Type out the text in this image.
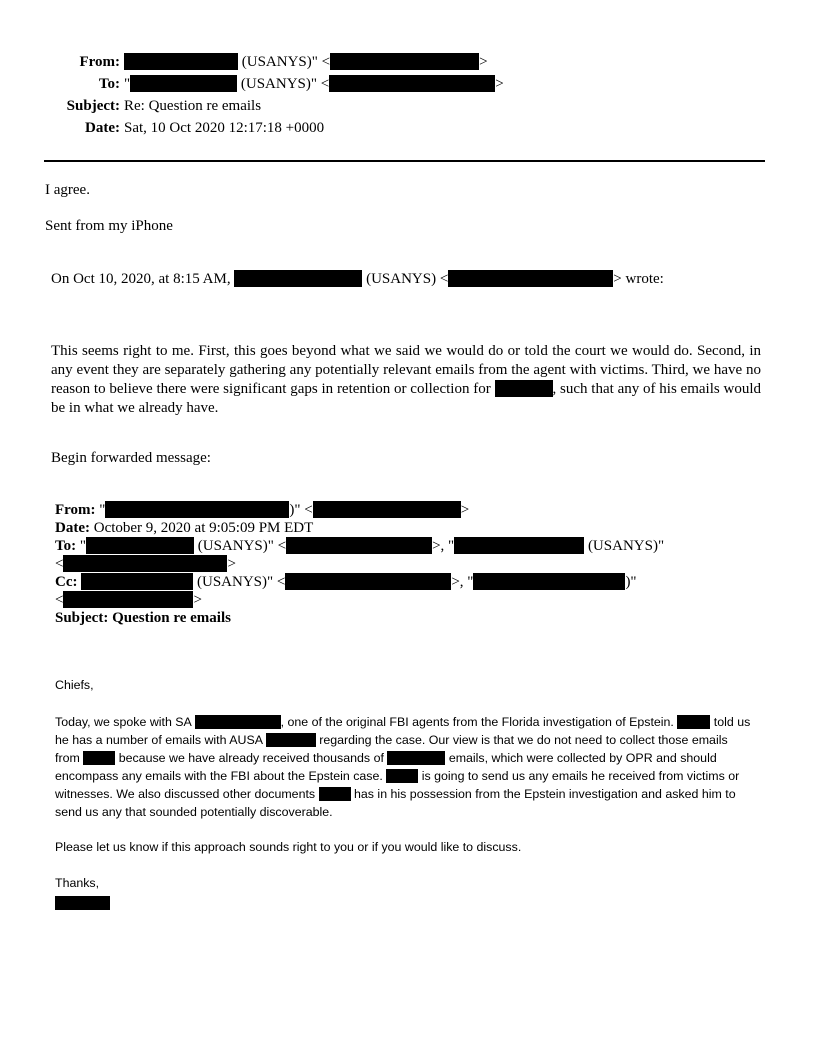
From:	(USANYS)" <	>
To: "	(USANYS)" <	>
Subject: Re: Question re emails
Date: Sat, 10 Oct 2020 12:17:18 +0000
I agree.
Sent from my iPhone
On Oct 10, 2020, at 8:15 AM,	(USANYS) <	> wrote:
This seems right to me. First, this goes beyond what we said we would do or told the court we would do. Second, in any event they are separately gathering any potentially relevant emails from the agent with victims. Third, we have no reason to believe there were significant gaps in retention or collection for	, such that any of his emails would be in what we already have.
Begin forwarded message:
From: "	)" <	>
Date: October 9, 2020 at 9:05:09 PM EDT
To: "	(USANYS)" <	>, "	(USANYS)"
<	>
Cc:	(USANYS)" <	>, "	)"
<	>
Subject: Question re emails
Chiefs,
Today, we spoke with SA	, one of the original FBI agents from the Florida investigation of Epstein.	told us he has a number of emails with AUSA	regarding the case. Our view is that we do not need to collect those emails from	because we have already received thousands of	emails, which were collected by OPR and should encompass any emails with the FBI about the Epstein case.	is going to send us any emails he received from victims or witnesses. We also discussed other documents	has in his possession from the Epstein investigation and asked him to send us any that sounded potentially discoverable.
Please let us know if this approach sounds right to you or if you would like to discuss.
Thanks,
